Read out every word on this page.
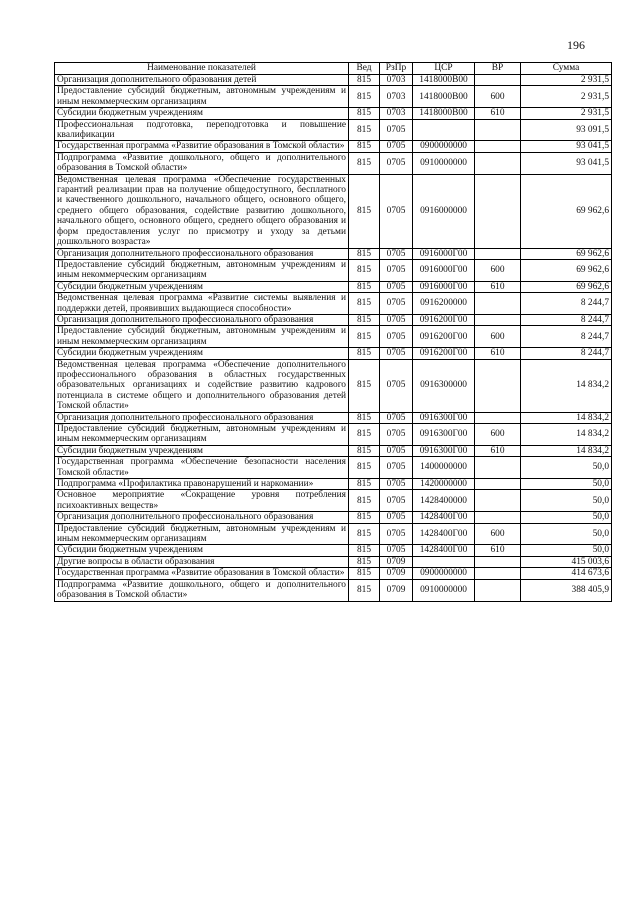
196
Наименование показателей	Вед	РзПр	ЦСР	ВР	Сумма
Организация дополнительного образования детей	815	0703	1418000В00		2 931,5
Предоставление субсидий бюджетным, автономным учреждениям и иным некоммерческим организациям	815	0703	1418000В00	600	2 931,5
Субсидии бюджетным учреждениям	815	0703	1418000В00	610	2 931,5
Профессиональная подготовка, переподготовка и повышение квалификации	815	0705			93 091,5
Государственная программа «Развитие образования в Томской области»	815	0705	0900000000		93 041,5
Подпрограмма «Развитие дошкольного, общего и дополнительного образования в Томской области»	815	0705	0910000000		93 041,5
Ведомственная целевая программа «Обеспечение государственных гарантий реализации прав на получение общедоступного, бесплатного и качественного дошкольного, начального общего, основного общего, среднего общего образования, содействие развитию дошкольного, начального общего, основного общего, среднего общего образования и форм предоставления услуг по присмотру и уходу за детьми дошкольного возраста»	815	0705	0916000000		69 962,6
Организация дополнительного профессионального образования	815	0705	0916000Г00		69 962,6
Предоставление субсидий бюджетным, автономным учреждениям и иным некоммерческим организациям	815	0705	0916000Г00	600	69 962,6
Субсидии бюджетным учреждениям	815	0705	0916000Г00	610	69 962,6
Ведомственная целевая программа «Развитие системы выявления и поддержки детей, проявивших выдающиеся способности»	815	0705	0916200000		8 244,7
Организация дополнительного профессионального образования	815	0705	0916200Г00		8 244,7
Предоставление субсидий бюджетным, автономным учреждениям и иным некоммерческим организациям	815	0705	0916200Г00	600	8 244,7
Субсидии бюджетным учреждениям	815	0705	0916200Г00	610	8 244,7
Ведомственная целевая программа «Обеспечение дополнительного профессионального образования в областных государственных образовательных организациях и содействие развитию кадрового потенциала в системе общего и дополнительного образования детей Томской области»	815	0705	0916300000		14 834,2
Организация дополнительного профессионального образования	815	0705	0916300Г00		14 834,2
Предоставление субсидий бюджетным, автономным учреждениям и иным некоммерческим организациям	815	0705	0916300Г00	600	14 834,2
Субсидии бюджетным учреждениям	815	0705	0916300Г00	610	14 834,2
Государственная программа «Обеспечение безопасности населения Томской области»	815	0705	1400000000		50,0
Подпрограмма «Профилактика правонарушений и наркомании»	815	0705	1420000000		50,0
Основное мероприятие «Сокращение уровня потребления психоактивных веществ»	815	0705	1428400000		50,0
Организация дополнительного профессионального образования	815	0705	1428400Г00		50,0
Предоставление субсидий бюджетным, автономным учреждениям и иным некоммерческим организациям	815	0705	1428400Г00	600	50,0
Субсидии бюджетным учреждениям	815	0705	1428400Г00	610	50,0
Другие вопросы в области образования	815	0709			415 003,6
Государственная программа «Развитие образования в Томской области»	815	0709	0900000000		414 673,6
Подпрограмма «Развитие дошкольного, общего и дополнительного образования в Томской области»	815	0709	0910000000		388 405,9
